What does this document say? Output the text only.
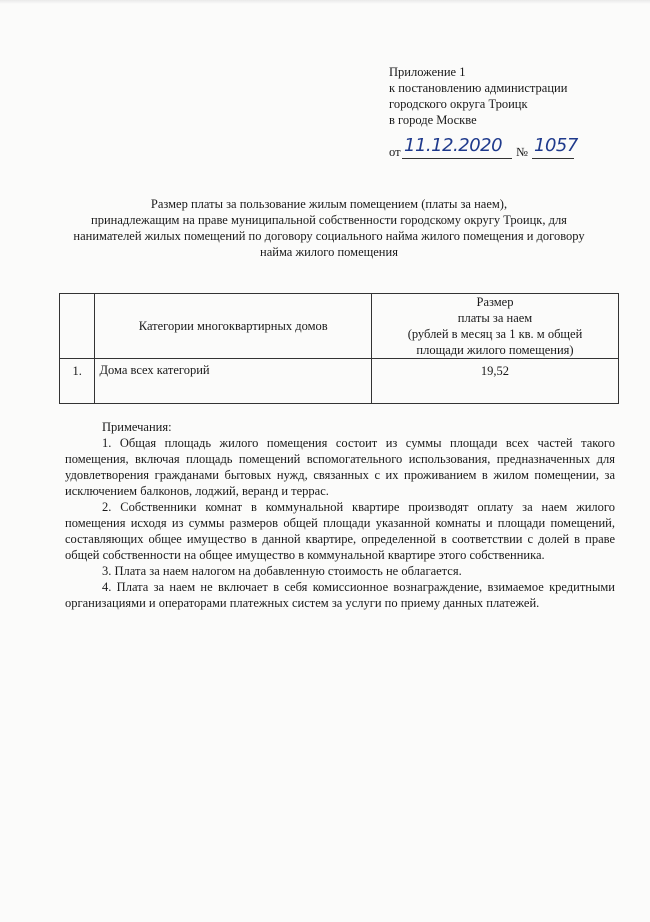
Приложение 1
к постановлению администрации
городского округа Троицк
в городе Москве
от 11.12.2020 № 1057
Размер платы за пользование жилым помещением (платы за наем),
принадлежащим на праве муниципальной собственности городскому округу Троицк, для
нанимателей жилых помещений по договору социального найма жилого помещения и договору
найма жилого помещения
	Категории многоквартирных домов	Размер
платы за наем
(рублей в месяц за 1 кв. м общей
площади жилого помещения)

1.	Дома всех категорий	19,52
Примечания:

1. Общая площадь жилого помещения состоит из суммы площади всех частей такого помещения, включая площадь помещений вспомогательного использования, предназначенных для удовлетворения гражданами бытовых нужд, связанных с их проживанием в жилом помещении, за исключением балконов, лоджий, веранд и террас.

2. Собственники комнат в коммунальной квартире производят оплату за наем жилого помещения исходя из суммы размеров общей площади указанной комнаты и площади помещений, составляющих общее имущество в данной квартире, определенной в соответствии с долей в праве общей собственности на общее имущество в коммунальной квартире этого собственника.

3. Плата за наем налогом на добавленную стоимость не облагается.

4. Плата за наем не включает в себя комиссионное вознаграждение, взимаемое кредитными организациями и операторами платежных систем за услуги по приему данных платежей.
